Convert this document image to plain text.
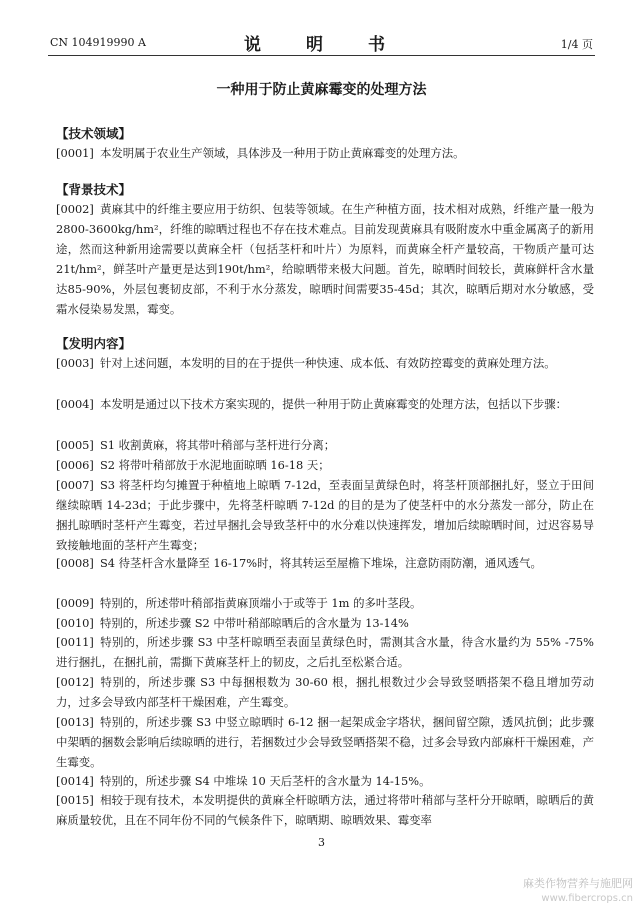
CN 104919990 A	说　明　书	1/4 页
一种用于防止黄麻霉变的处理方法
【技术领域】
[0001] 本发明属于农业生产领域，具体涉及一种用于防止黄麻霉变的处理方法。
【背景技术】
[0002] 黄麻其中的纤维主要应用于纺织、包装等领域。在生产种植方面，技术相对成熟，纤维产量一般为2800-3600kg/hm²，纤维的晾晒过程也不存在技术难点。目前发现黄麻具有吸附废水中重金属离子的新用途，然而这种新用途需要以黄麻全杆（包括茎杆和叶片）为原料，而黄麻全杆产量较高，干物质产量可达21t/hm²，鲜茎叶产量更是达到190t/hm²，给晾晒带来极大问题。首先，晾晒时间较长，黄麻鲜杆含水量达85-90%，外层包裹韧皮部，不利于水分蒸发，晾晒时间需要35-45d；其次，晾晒后期对水分敏感，受霜水侵染易发黑，霉变。
【发明内容】
[0003] 针对上述问题，本发明的目的在于提供一种快速、成本低、有效防控霉变的黄麻处理方法。
[0004] 本发明是通过以下技术方案实现的，提供一种用于防止黄麻霉变的处理方法，包括以下步骤：
[0005] S1 收割黄麻，将其带叶稍部与茎杆进行分离；
[0006] S2 将带叶稍部放于水泥地面晾晒 16-18 天；
[0007] S3 将茎杆均匀摊置于种植地上晾晒 7-12d，至表面呈黄绿色时，将茎杆顶部捆扎好，竖立于田间继续晾晒 14-23d；于此步骤中，先将茎杆晾晒 7-12d 的目的是为了使茎杆中的水分蒸发一部分，防止在捆扎晾晒时茎杆产生霉变，若过早捆扎会导致茎杆中的水分难以快速挥发，增加后续晾晒时间，过迟容易导致接触地面的茎杆产生霉变；
[0008] S4 待茎杆含水量降至 16-17%时，将其转运至屋檐下堆垛，注意防雨防潮，通风透气。
[0009] 特别的，所述带叶稍部指黄麻顶端小于或等于 1m 的多叶茎段。
[0010] 特别的，所述步骤 S2 中带叶稍部晾晒后的含水量为 13-14%
[0011] 特别的，所述步骤 S3 中茎杆晾晒至表面呈黄绿色时，需测其含水量，待含水量约为 55% -75%进行捆扎，在捆扎前，需撕下黄麻茎杆上的韧皮，之后扎至松紧合适。
[0012] 特别的，所述步骤 S3 中每捆根数为 30-60 根，捆扎根数过少会导致竖晒搭架不稳且增加劳动力，过多会导致内部茎杆干燥困难，产生霉变。
[0013] 特别的，所述步骤 S3 中竖立晾晒时 6-12 捆一起架成金字塔状，捆间留空隙，透风抗倒；此步骤中架晒的捆数会影响后续晾晒的进行，若捆数过少会导致竖晒搭架不稳，过多会导致内部麻杆干燥困难，产生霉变。
[0014] 特别的，所述步骤 S4 中堆垛 10 天后茎杆的含水量为 14-15%。
[0015] 相较于现有技术，本发明提供的黄麻全杆晾晒方法，通过将带叶稍部与茎杆分开晾晒，晾晒后的黄麻质量较优，且在不同年份不同的气候条件下，晾晒期、晾晒效果、霉变率
3
麻类作物营养与施肥网
www.fibercrops.cn
